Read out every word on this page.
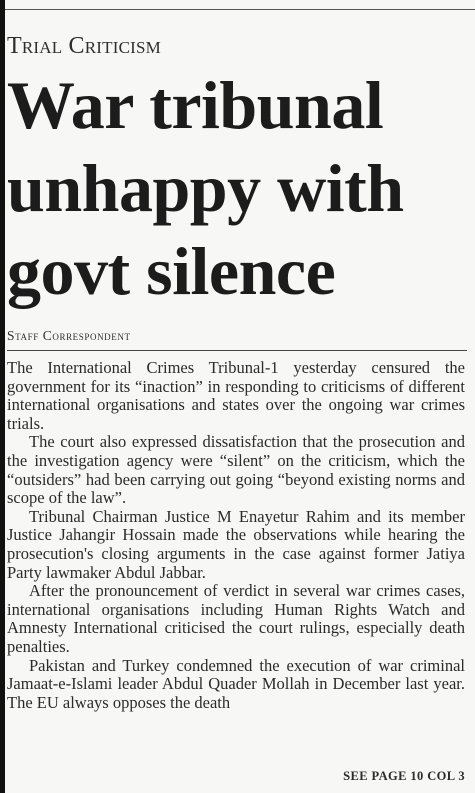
Trial Criticism
War tribunal
unhappy with
govt silence
Staff Correspondent

The International Crimes Tribunal-1 yesterday censured the government for its “inaction” in responding to criticisms of different international organisations and states over the ongoing war crimes trials.

The court also expressed dissatisfaction that the prosecution and the investigation agency were “silent” on the criticism, which the “outsiders” had been carrying out going “beyond existing norms and scope of the law”.

Tribunal Chairman Justice M Enayetur Rahim and its member Justice Jahangir Hossain made the observations while hearing the prosecution's closing arguments in the case against former Jatiya Party lawmaker Abdul Jabbar.

After the pronouncement of verdict in several war crimes cases, international organisations including Human Rights Watch and Amnesty International criticised the court rulings, especially death penalties.

Pakistan and Turkey condemned the execution of war criminal Jamaat-e-Islami leader Abdul Quader Mollah in December last year. The EU always opposes the death

SEE PAGE 10 COL 3
